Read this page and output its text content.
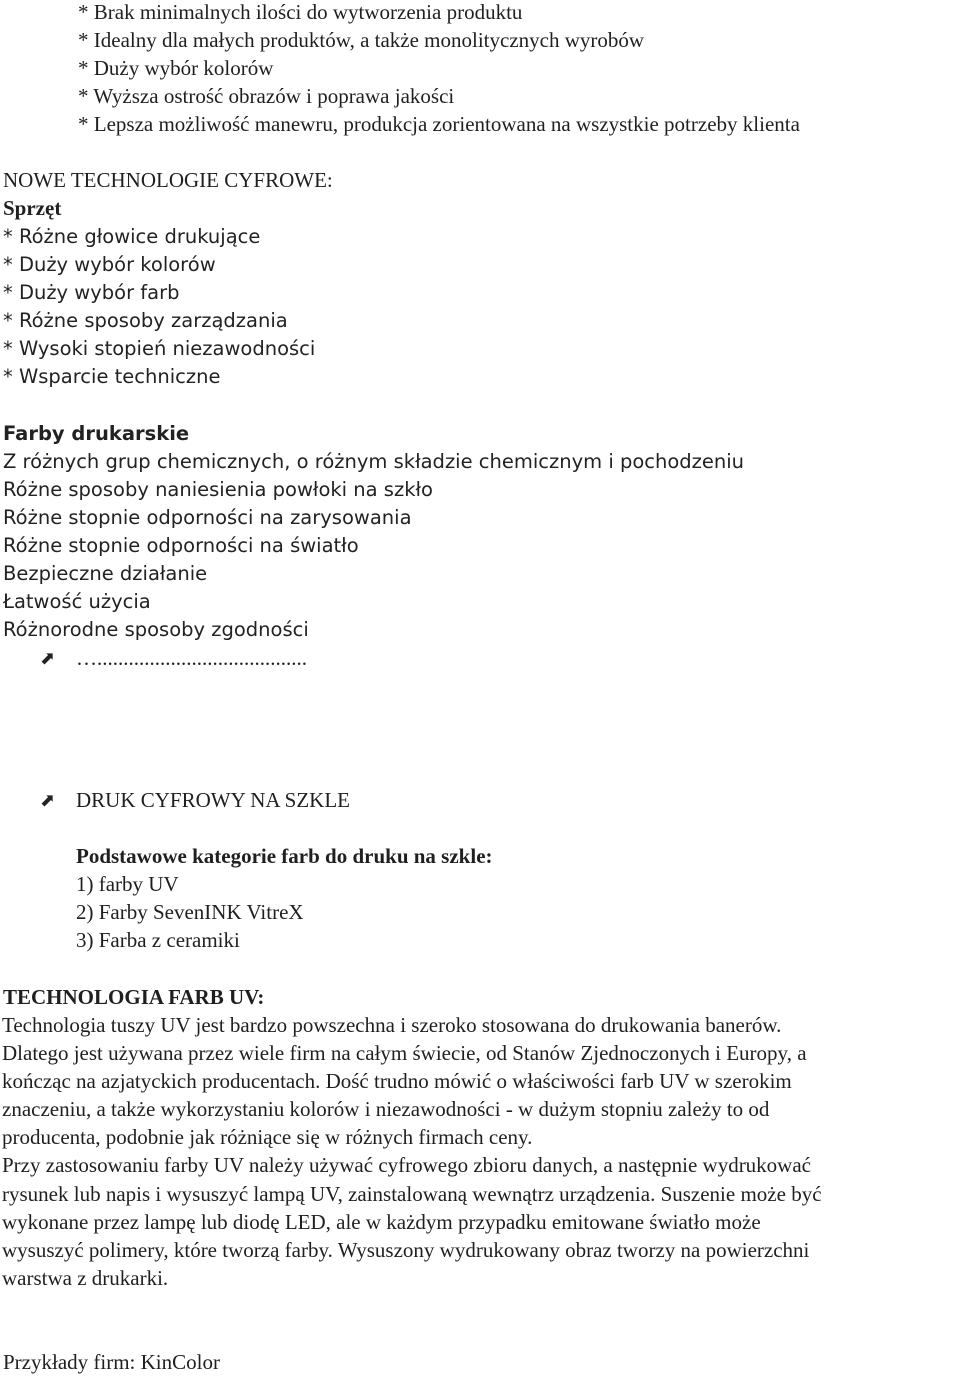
* Brak minimalnych ilości do wytworzenia produktu
* Idealny dla małych produktów, a także monolitycznych wyrobów
* Duży wybór kolorów
* Wyższa ostrość obrazów i poprawa jakości
* Lepsza możliwość manewru, produkcja zorientowana na wszystkie potrzeby klienta
NOWE TECHNOLOGIE CYFROWE:
Sprzęt
* Różne głowice drukujące
* Duży wybór kolorów
* Duży wybór farb
* Różne sposoby zarządzania
* Wysoki stopień niezawodności
* Wsparcie techniczne
Farby drukarskie
Z różnych grup chemicznych, o różnym składzie chemicznym i pochodzeniu
Różne sposoby naniesienia powłoki na szkło
Różne stopnie odporności na zarysowania
Różne stopnie odporności na światło
Bezpieczne działanie
Łatwość użycia
Różnorodne sposoby zgodności
⬈ …........................................
⬈ DRUK CYFROWY NA SZKLE
Podstawowe kategorie farb do druku na szkle:
1) farby UV
2) Farby SevenINK VitreX
3) Farba z ceramiki
TECHNOLOGIA FARB UV:
Technologia tuszy UV jest bardzo powszechna i szeroko stosowana do drukowania banerów.
Dlatego jest używana przez wiele firm na całym świecie, od Stanów Zjednoczonych i Europy, a
kończąc na azjatyckich producentach. Dość trudno mówić o właściwości farb UV w szerokim
znaczeniu, a także wykorzystaniu kolorów i niezawodności - w dużym stopniu zależy to od
producenta, podobnie jak różniące się w różnych firmach ceny.
Przy zastosowaniu farby UV należy używać cyfrowego zbioru danych, a następnie wydrukować
rysunek lub napis i wysuszyć lampą UV, zainstalowaną wewnątrz urządzenia. Suszenie może być
wykonane przez lampę lub diodę LED, ale w każdym przypadku emitowane światło może
wysuszyć polimery, które tworzą farby. Wysuszony wydrukowany obraz tworzy na powierzchni
warstwa z drukarki.
Przykłady firm: KinColor
